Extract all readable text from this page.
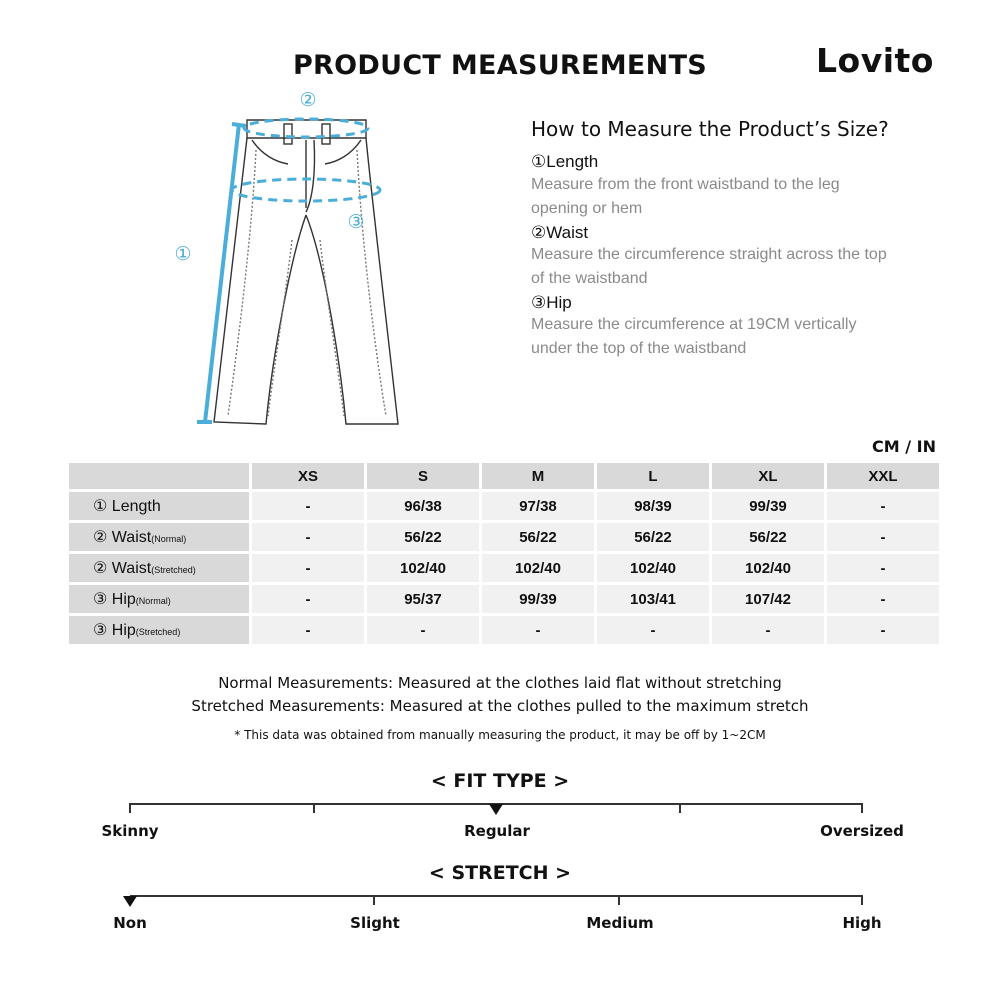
PRODUCT MEASUREMENTS	Lovito
②
③
①
How to Measure the Product’s Size?
①Length
Measure from the front waistband to the leg opening or hem
②Waist
Measure the circumference straight across the top of the waistband
③Hip
Measure the circumference at 19CM vertically under the top of the waistband
CM / IN
	XS	S	M	L	XL	XXL
① Length	-	96/38	97/38	98/39	99/39	-
② Waist(Normal)	-	56/22	56/22	56/22	56/22	-
② Waist(Stretched)	-	102/40	102/40	102/40	102/40	-
③ Hip(Normal)	-	95/37	99/39	103/41	107/42	-
③ Hip(Stretched)	-	-	-	-	-	-
Normal Measurements: Measured at the clothes laid flat without stretching
Stretched Measurements: Measured at the clothes pulled to the maximum stretch
* This data was obtained from manually measuring the product, it may be off by 1~2CM
< FIT TYPE >
Skinny	Regular	Oversized
< STRETCH >
Non	Slight	Medium	High
